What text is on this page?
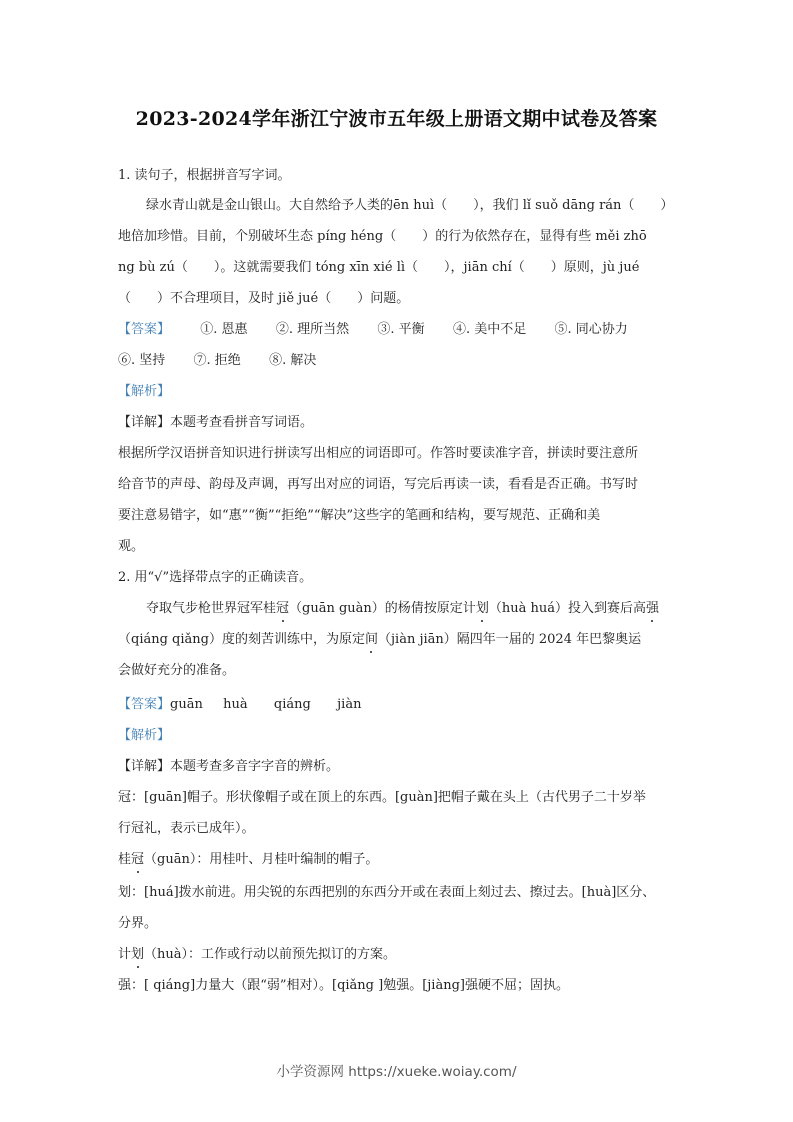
2023-2024学年浙江宁波市五年级上册语文期中试卷及答案
1. 读句子，根据拼音写字词。
绿水青山就是金山银山。大自然给予人类的ēn huì（　　），我们 lǐ suǒ dāng rán（　　）
地倍加珍惜。目前，个别破坏生态 píng héng（　　）的行为依然存在，显得有些 měi zhō
ng bù zú（　　）。这就需要我们 tóng xīn xié lì（　　），jiān chí（　　）原则，jù jué
（　　）不合理项目，及时 jiě jué（　　）问题。
【答案】 ①. 恩惠 ②. 理所当然 ③. 平衡 ④. 美中不足 ⑤. 同心协力
⑥. 坚持 ⑦. 拒绝 ⑧. 解决
【解析】
【详解】本题考查看拼音写词语。
根据所学汉语拼音知识进行拼读写出相应的词语即可。作答时要读准字音，拼读时要注意所
给音节的声母、韵母及声调，再写出对应的词语，写完后再读一读，看看是否正确。书写时
要注意易错字，如“惠”“衡”“拒绝”“解决”这些字的笔画和结构，要写规范、正确和美
观。
2. 用“√”选择带点字的正确读音。
夺取气步枪世界冠军桂冠（guān guàn）的杨倩按原定计划（huà huá）投入到赛后高强
（qiáng qiǎng）度的刻苦训练中，为原定间（jiàn jiān）隔四年一届的 2024 年巴黎奥运
会做好充分的准备。
【答案】guān huà qiáng jiàn
【解析】
【详解】本题考查多音字字音的辨析。
冠：[guān]帽子。形状像帽子或在顶上的东西。[guàn]把帽子戴在头上（古代男子二十岁举
行冠礼，表示已成年）。
桂冠（guān）：用桂叶、月桂叶编制的帽子。
划：[huá]拨水前进。用尖锐的东西把别的东西分开或在表面上刻过去、擦过去。[huà]区分、
分界。
计划（huà）：工作或行动以前预先拟订的方案。
强：[ qiáng]力量大（跟“弱”相对）。[qiǎng ]勉强。[jiàng]强硬不屈；固执。
小学资源网 https://xueke.woiay.com/
